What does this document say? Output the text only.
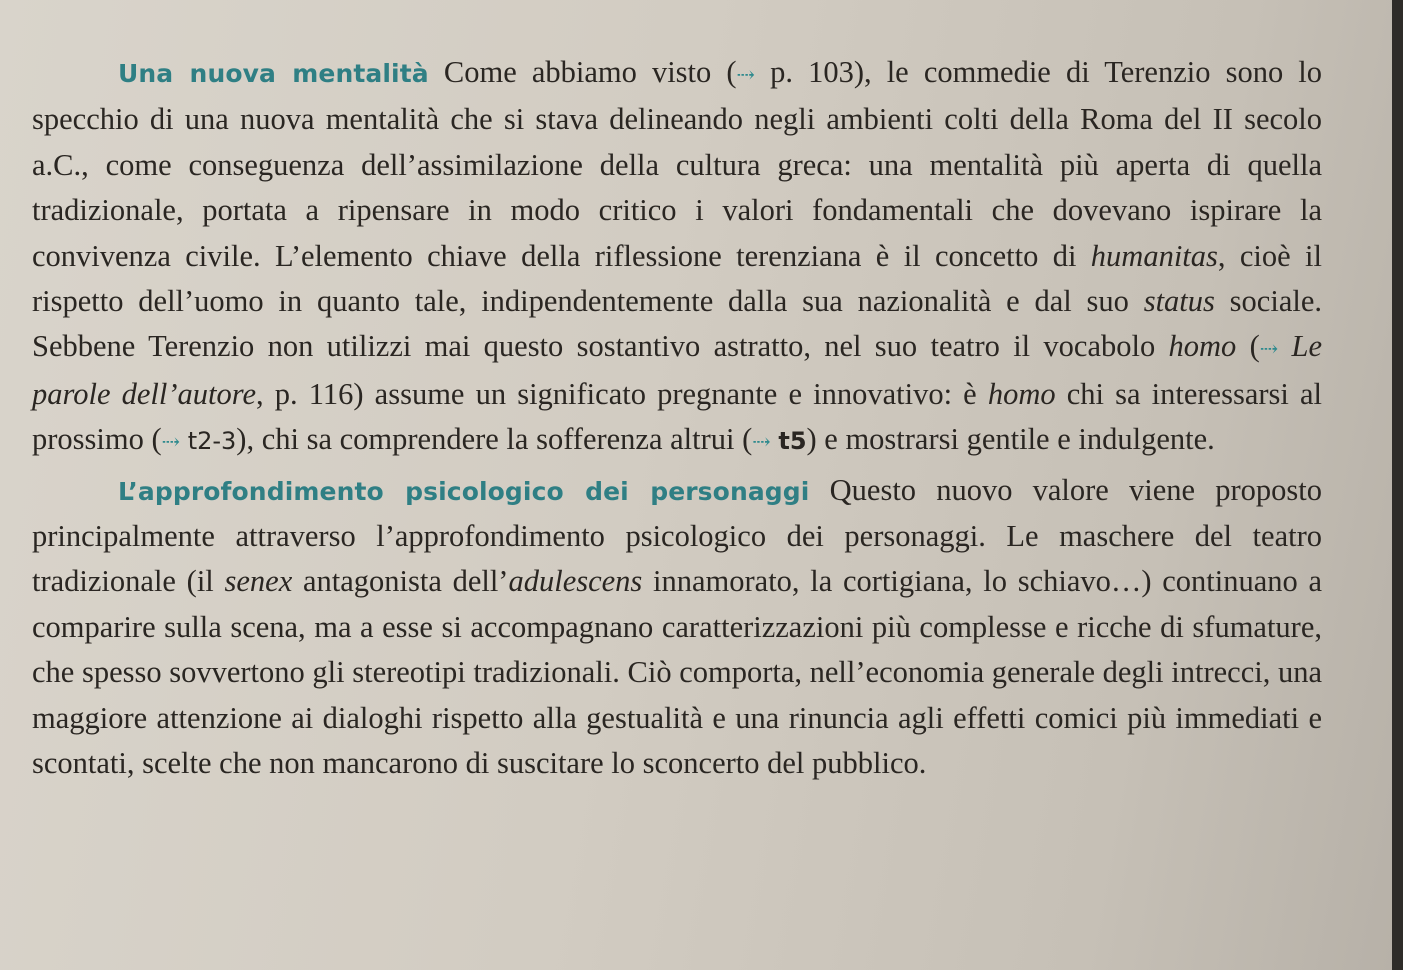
Una nuova mentalità Come abbiamo visto (⇢ p. 103), le commedie di Terenzio sono lo specchio di una nuova mentalità che si stava delineando negli ambienti colti della Roma del II secolo a.C., come conseguenza dell’assimilazione della cultura greca: una mentalità più aperta di quella tradizionale, portata a ripensare in modo critico i valori fondamentali che dovevano ispirare la convivenza civile. L’elemento chiave della riflessione terenziana è il concetto di humanitas, cioè il rispetto dell’uomo in quanto tale, indipendentemente dalla sua nazionalità e dal suo status sociale. Sebbene Terenzio non utilizzi mai questo sostantivo astratto, nel suo teatro il vocabolo homo (⇢ Le parole dell’autore, p. 116) assume un significato pregnante e innovativo: è homo chi sa interessarsi al prossimo (⇢ t2-3), chi sa comprendere la sofferenza altrui (⇢ t5) e mostrarsi gentile e indulgente.

L’approfondimento psicologico dei personaggi Questo nuovo valore viene proposto principalmente attraverso l’approfondimento psicologico dei personaggi. Le maschere del teatro tradizionale (il senex antagonista dell’adulescens innamorato, la cortigiana, lo schiavo…) continuano a comparire sulla scena, ma a esse si accompagnano caratterizzazioni più complesse e ricche di sfumature, che spesso sovvertono gli stereotipi tradizionali. Ciò comporta, nell’economia generale degli intrecci, una maggiore attenzione ai dialoghi rispetto alla gestualità e una rinuncia agli effetti comici più immediati e scontati, scelte che non mancarono di suscitare lo sconcerto del pubblico.
